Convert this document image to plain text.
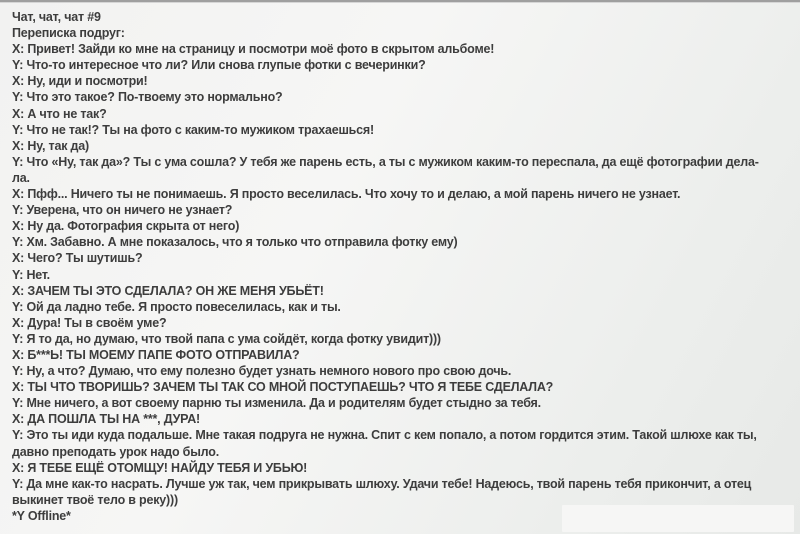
Чат, чат, чат #9
Переписка подруг:
X: Привет! Зайди ко мне на страницу и посмотри моё фото в скрытом альбоме!
Y: Что-то интересное что ли? Или снова глупые фотки с вечеринки?
X: Ну, иди и посмотри!
Y: Что это такое? По-твоему это нормально?
X: А что не так?
Y: Что не так!? Ты на фото с каким-то мужиком трахаешься!
X: Ну, так да)
Y: Что «Ну, так да»? Ты с ума сошла? У тебя же парень есть, а ты с мужиком каким-то переспала, да ещё фотографии дела-
ла.
X: Пфф... Ничего ты не понимаешь. Я просто веселилась. Что хочу то и делаю, а мой парень ничего не узнает.
Y: Уверена, что он ничего не узнает?
X: Ну да. Фотография скрыта от него)
Y: Хм. Забавно. А мне показалось, что я только что отправила фотку ему)
X: Чего? Ты шутишь?
Y: Нет.
X: ЗАЧЕМ ТЫ ЭТО СДЕЛАЛА? ОН ЖЕ МЕНЯ УБЬЁТ!
Y: Ой да ладно тебе. Я просто повеселилась, как и ты.
X: Дура! Ты в своём уме?
Y: Я то да, но думаю, что твой папа с ума сойдёт, когда фотку увидит)))
X: Б***Ь! ТЫ МОЕМУ ПАПЕ ФОТО ОТПРАВИЛА?
Y: Ну, а что? Думаю, что ему полезно будет узнать немного нового про свою дочь.
X: ТЫ ЧТО ТВОРИШЬ? ЗАЧЕМ ТЫ ТАК СО МНОЙ ПОСТУПАЕШЬ? ЧТО Я ТЕБЕ СДЕЛАЛА?
Y: Мне ничего, а вот своему парню ты изменила. Да и родителям будет стыдно за тебя.
X: ДА ПОШЛА ТЫ НА ***, ДУРА!
Y: Это ты иди куда подальше. Мне такая подруга не нужна. Спит с кем попало, а потом гордится этим. Такой шлюхе как ты,
давно преподать урок надо было.
X: Я ТЕБЕ ЕЩЁ ОТОМЩУ! НАЙДУ ТЕБЯ И УБЬЮ!
Y: Да мне как-то насрать. Лучше уж так, чем прикрывать шлюху. Удачи тебе! Надеюсь, твой парень тебя прикончит, а отец
выкинет твоё тело в реку)))
*Y Offline*
